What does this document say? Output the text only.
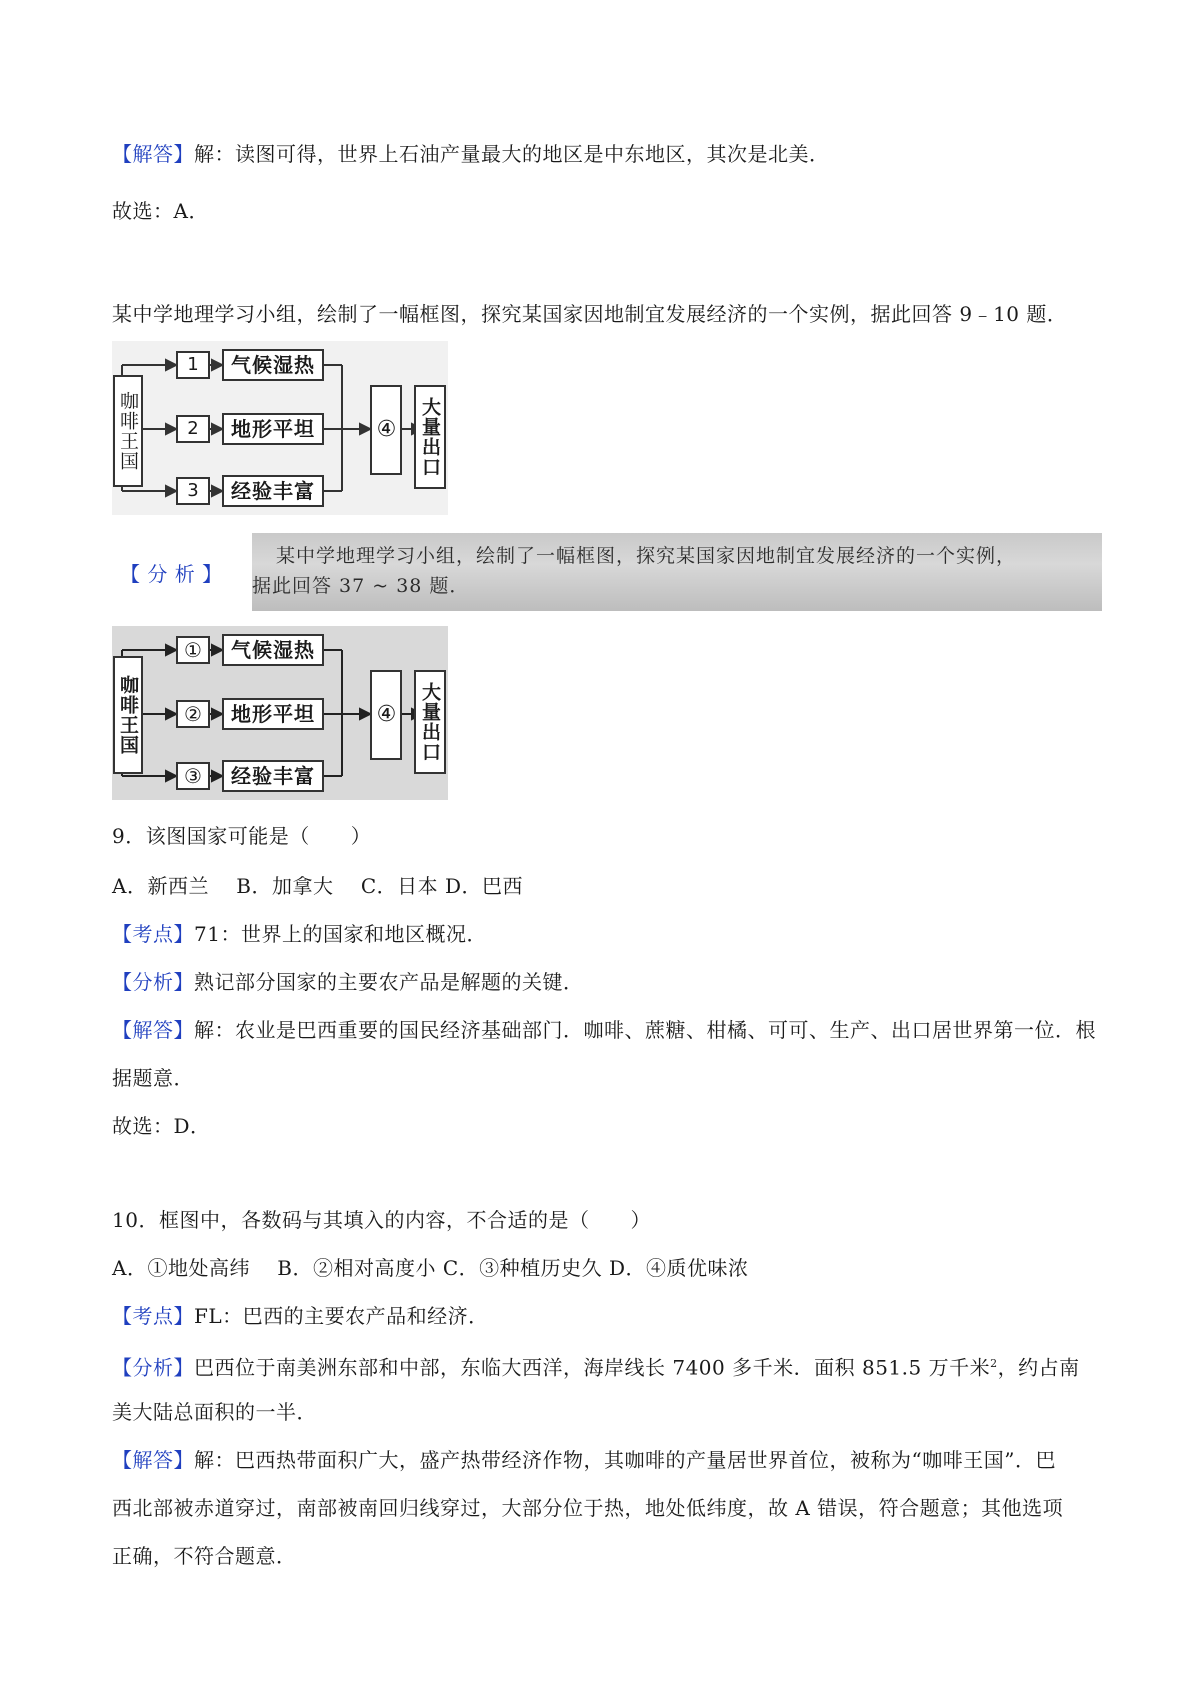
【解答】解：读图可得，世界上石油产量最大的地区是中东地区，其次是北美．
故选：A．
某中学地理学习小组，绘制了一幅框图，探究某国家因地制宜发展经济的一个实例，据此回答 9﹣10 题．
咖啡王国
1
2
3
气候湿热
地形平坦
经验丰富
④ 大量出口
【 分 析 】
某中学地理学习小组，绘制了一幅框图，探究某国家因地制宜发展经济的一个实例，
据此回答 37 ~ 38 题．
咖啡王国
①
②
③
气候湿热
地形平坦
经验丰富
④ 大量出口
9．该图国家可能是（　　）
A．新西兰　 B．加拿大　 C．日本 D．巴西
【考点】71：世界上的国家和地区概况．
【分析】熟记部分国家的主要农产品是解题的关键．
【解答】解：农业是巴西重要的国民经济基础部门．咖啡、蔗糖、柑橘、可可、生产、出口居世界第一位．根
据题意．
故选：D．
10．框图中，各数码与其填入的内容，不合适的是（　　）
A．①地处高纬　 B．②相对高度小 C．③种植历史久 D．④质优味浓
【考点】FL：巴西的主要农产品和经济．
【分析】巴西位于南美洲东部和中部，东临大西洋，海岸线长 7400 多千米．面积 851.5 万千米$^2$，约占南
美大陆总面积的一半．
【解答】解：巴西热带面积广大，盛产热带经济作物，其咖啡的产量居世界首位，被称为“咖啡王国”．巴
西北部被赤道穿过，南部被南回归线穿过，大部分位于热，地处低纬度，故 A 错误，符合题意；其他选项
正确，不符合题意．
